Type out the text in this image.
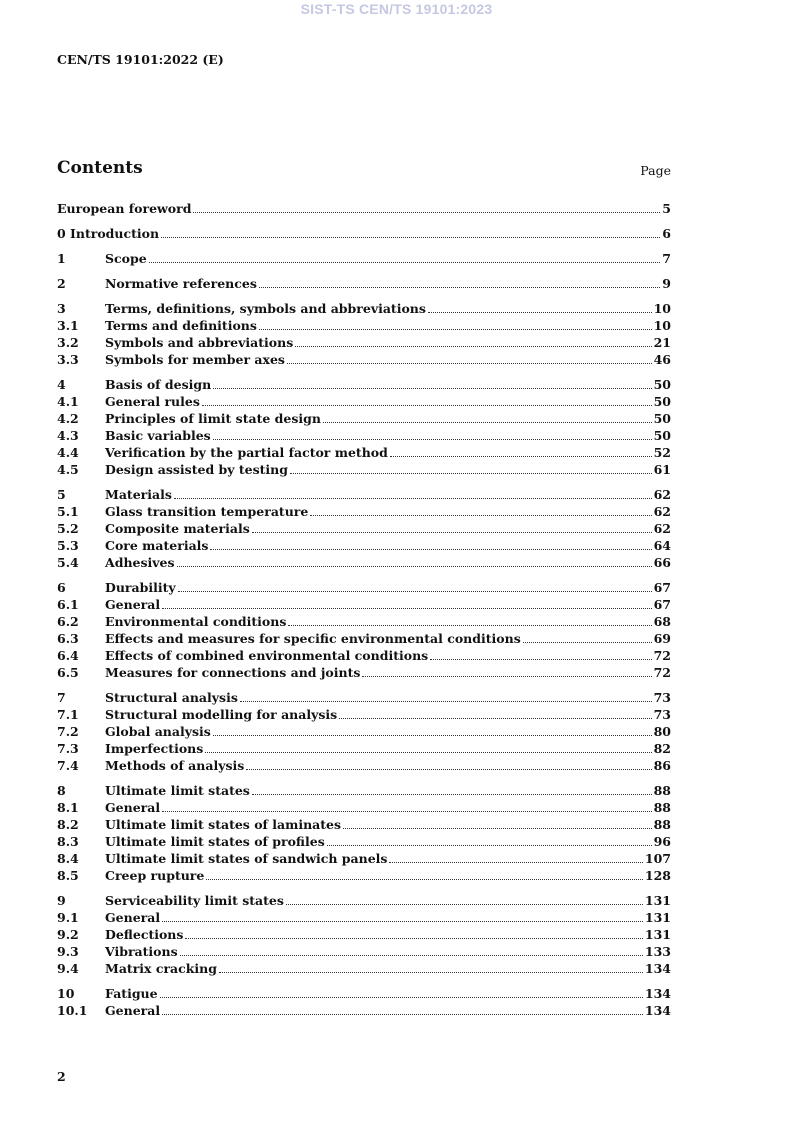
SIST-TS CEN/TS 19101:2023
CEN/TS 19101:2022 (E)
Contents	Page
European foreword	5
0 Introduction	6
1	Scope	7
2	Normative references	9
3	Terms, definitions, symbols and abbreviations	10
3.1	Terms and definitions	10
3.2	Symbols and abbreviations	21
3.3	Symbols for member axes	46
4	Basis of design	50
4.1	General rules	50
4.2	Principles of limit state design	50
4.3	Basic variables	50
4.4	Verification by the partial factor method	52
4.5	Design assisted by testing	61
5	Materials	62
5.1	Glass transition temperature	62
5.2	Composite materials	62
5.3	Core materials	64
5.4	Adhesives	66
6	Durability	67
6.1	General	67
6.2	Environmental conditions	68
6.3	Effects and measures for specific environmental conditions	69
6.4	Effects of combined environmental conditions	72
6.5	Measures for connections and joints	72
7	Structural analysis	73
7.1	Structural modelling for analysis	73
7.2	Global analysis	80
7.3	Imperfections	82
7.4	Methods of analysis	86
8	Ultimate limit states	88
8.1	General	88
8.2	Ultimate limit states of laminates	88
8.3	Ultimate limit states of profiles	96
8.4	Ultimate limit states of sandwich panels	107
8.5	Creep rupture	128
9	Serviceability limit states	131
9.1	General	131
9.2	Deflections	131
9.3	Vibrations	133
9.4	Matrix cracking	134
10	Fatigue	134
10.1	General	134
2
